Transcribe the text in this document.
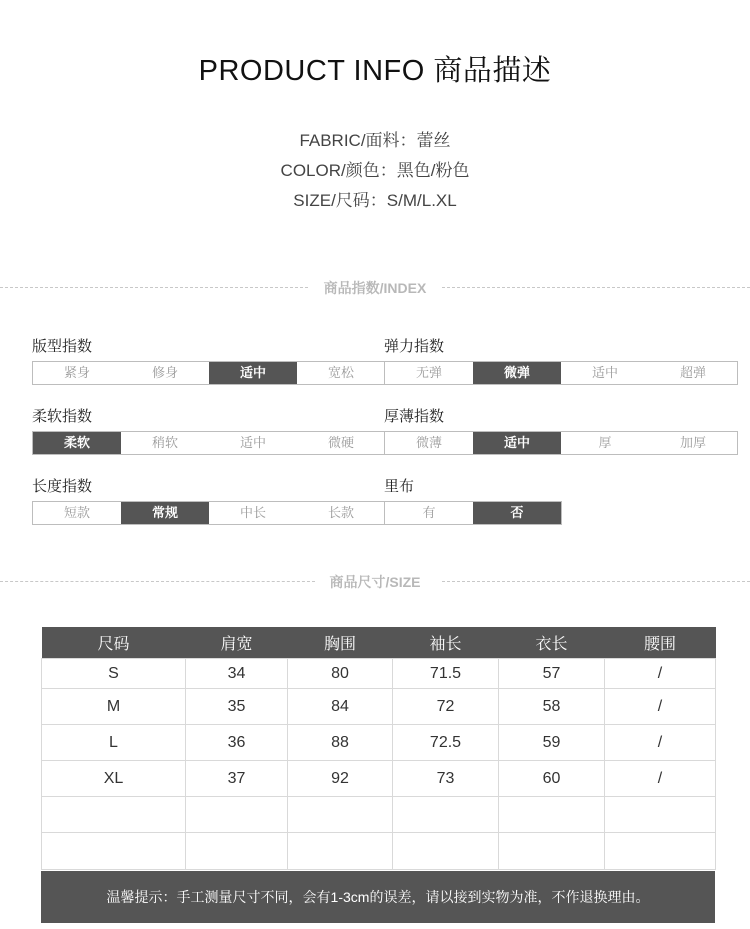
PRODUCT INFO 商品描述
FABRIC/面料：蕾丝
COLOR/颜色：黑色/粉色
SIZE/尺码：S/M/L.XL
商品指数/INDEX
版型指数
紧身	修身	适中	宽松
弹力指数
无弹	微弹	适中	超弹
柔软指数
柔软	稍软	适中	微硬
厚薄指数
微薄	适中	厚	加厚
长度指数
短款	常规	中长	长款
里布
有	否
商品尺寸/SIZE
尺码	肩宽	胸围	袖长	衣长	腰围
S	34	80	71.5	57	/
M	35	84	72	58	/
L	36	88	72.5	59	/
XL	37	92	73	60	/

温馨提示：手工测量尺寸不同，会有1-3cm的误差，请以接到实物为准，不作退换理由。
